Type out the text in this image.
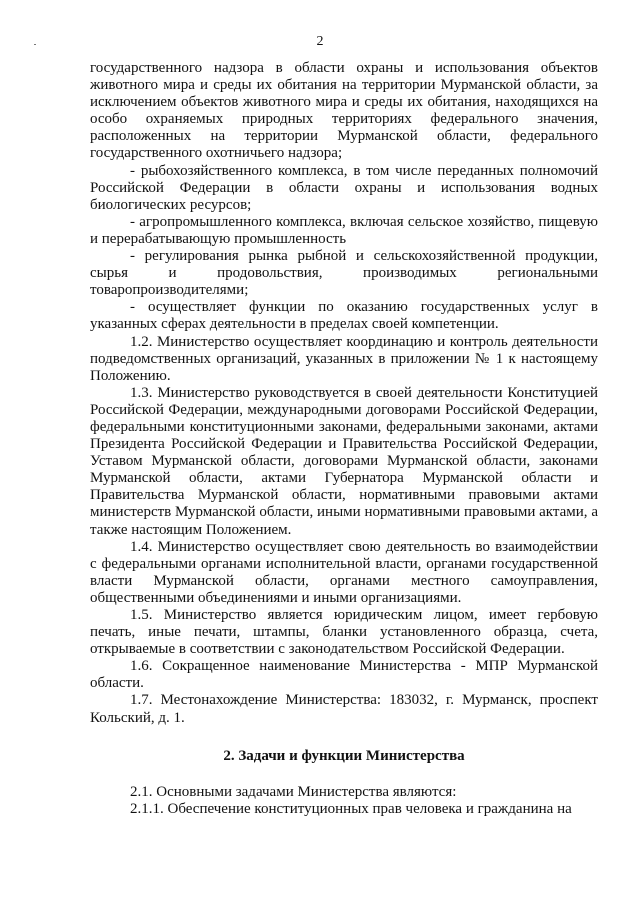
2

государственного надзора в области охраны и использования объектов животного мира и среды их обитания на территории Мурманской области, за исключением объектов животного мира и среды их обитания, находящихся на особо охраняемых природных территориях федерального значения, расположенных на территории Мурманской области, федерального государственного охотничьего надзора;

- рыбохозяйственного комплекса, в том числе переданных полномочий Российской Федерации в области охраны и использования водных биологических ресурсов;

- агропромышленного комплекса, включая сельское хозяйство, пищевую и перерабатывающую промышленность

- регулирования рынка рыбной и сельскохозяйственной продукции, сырья и продовольствия, производимых региональными товаропроизводителями;

- осуществляет функции по оказанию государственных услуг в указанных сферах деятельности в пределах своей компетенции.

1.2. Министерство осуществляет координацию и контроль деятельности подведомственных организаций, указанных в приложении № 1 к настоящему Положению.

1.3. Министерство руководствуется в своей деятельности Конституцией Российской Федерации, международными договорами Российской Федерации, федеральными конституционными законами, федеральными законами, актами Президента Российской Федерации и Правительства Российской Федерации, Уставом Мурманской области, договорами Мурманской области, законами Мурманской области, актами Губернатора Мурманской области и Правительства Мурманской области, нормативными правовыми актами министерств Мурманской области, иными нормативными правовыми актами, а также настоящим Положением.

1.4. Министерство осуществляет свою деятельность во взаимодействии с федеральными органами исполнительной власти, органами государственной власти Мурманской области, органами местного самоуправления, общественными объединениями и иными организациями.

1.5. Министерство является юридическим лицом, имеет гербовую печать, иные печати, штампы, бланки установленного образца, счета, открываемые в соответствии с законодательством Российской Федерации.

1.6. Сокращенное наименование Министерства - МПР Мурманской области.

1.7. Местонахождение Министерства: 183032, г. Мурманск, проспект Кольский, д. 1.

2. Задачи и функции Министерства

2.1. Основными задачами Министерства являются:

2.1.1. Обеспечение конституционных прав человека и гражданина на
